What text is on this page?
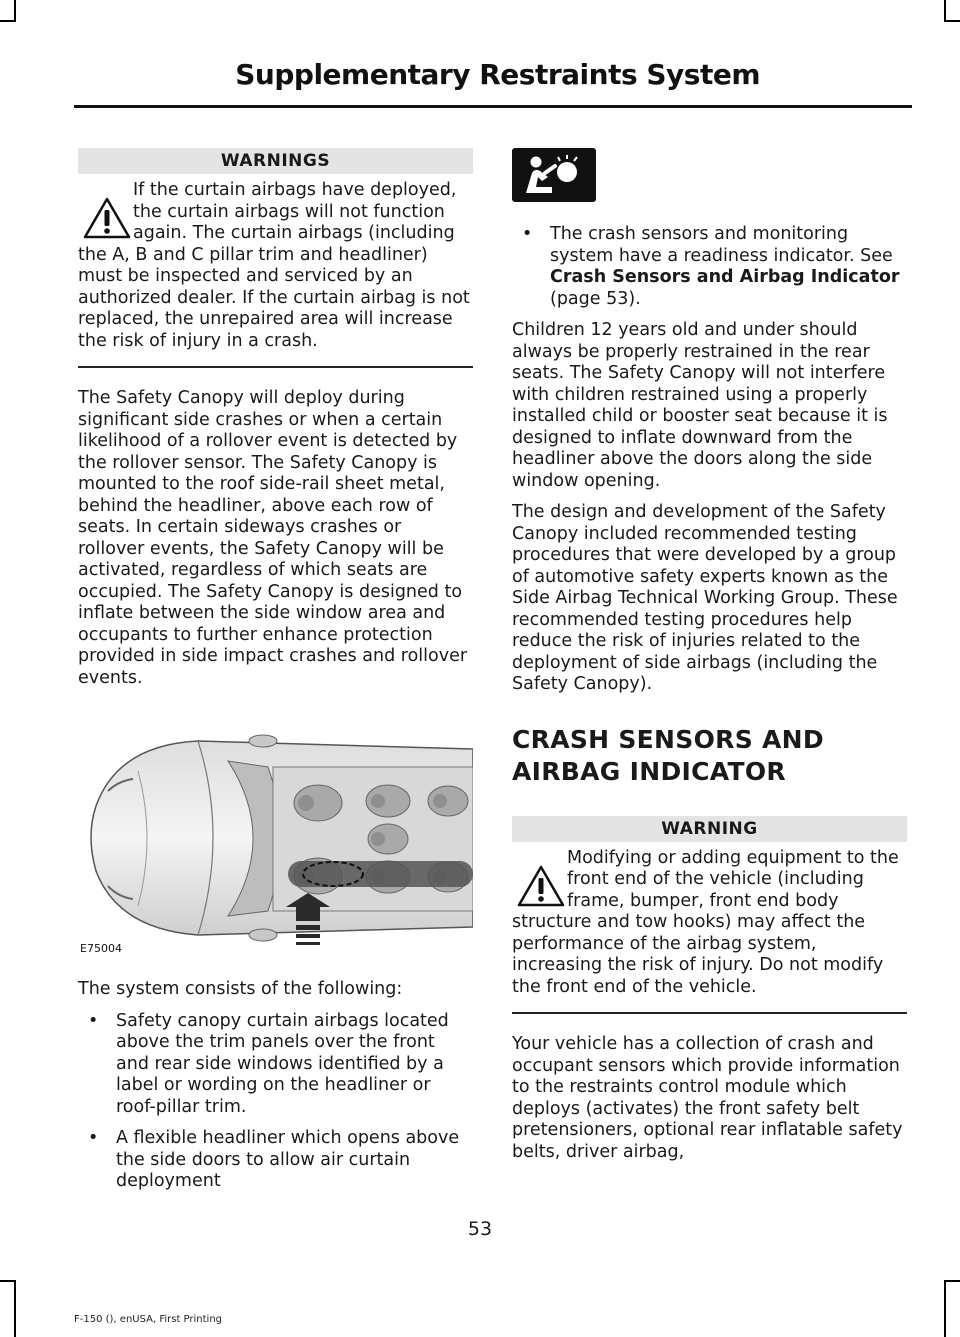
Supplementary Restraints System
WARNINGS

If the curtain airbags have deployed, the curtain airbags will not function again. The curtain airbags (including
the A, B and C pillar trim and headliner) must be inspected and serviced by an authorized dealer. If the curtain airbag is not replaced, the unrepaired area will increase the risk of injury in a crash.

The Safety Canopy will deploy during significant side crashes or when a certain likelihood of a rollover event is detected by the rollover sensor. The Safety Canopy is mounted to the roof side-rail sheet metal, behind the headliner, above each row of seats. In certain sideways crashes or rollover events, the Safety Canopy will be activated, regardless of which seats are occupied. The Safety Canopy is designed to inflate between the side window area and occupants to further enhance protection provided in side impact crashes and rollover events.

E75004

The system consists of the following:

• Safety canopy curtain airbags located above the trim panels over the front and rear side windows identified by a label or wording on the headliner or roof-pillar trim.
• A flexible headliner which opens above the side doors to allow air curtain deployment
• The crash sensors and monitoring system have a readiness indicator. See Crash Sensors and Airbag Indicator (page 53).

Children 12 years old and under should always be properly restrained in the rear seats. The Safety Canopy will not interfere with children restrained using a properly installed child or booster seat because it is designed to inflate downward from the headliner above the doors along the side window opening.

The design and development of the Safety Canopy included recommended testing procedures that were developed by a group of automotive safety experts known as the Side Airbag Technical Working Group. These recommended testing procedures help reduce the risk of injuries related to the deployment of side airbags (including the Safety Canopy).

CRASH SENSORS AND
AIRBAG INDICATOR
WARNING

Modifying or adding equipment to the front end of the vehicle (including frame, bumper, front end body
structure and tow hooks) may affect the performance of the airbag system, increasing the risk of injury. Do not modify the front end of the vehicle.

Your vehicle has a collection of crash and occupant sensors which provide information to the restraints control module which deploys (activates) the front safety belt pretensioners, optional rear inflatable safety belts, driver airbag,

53
F-150 (), enUSA, First Printing
